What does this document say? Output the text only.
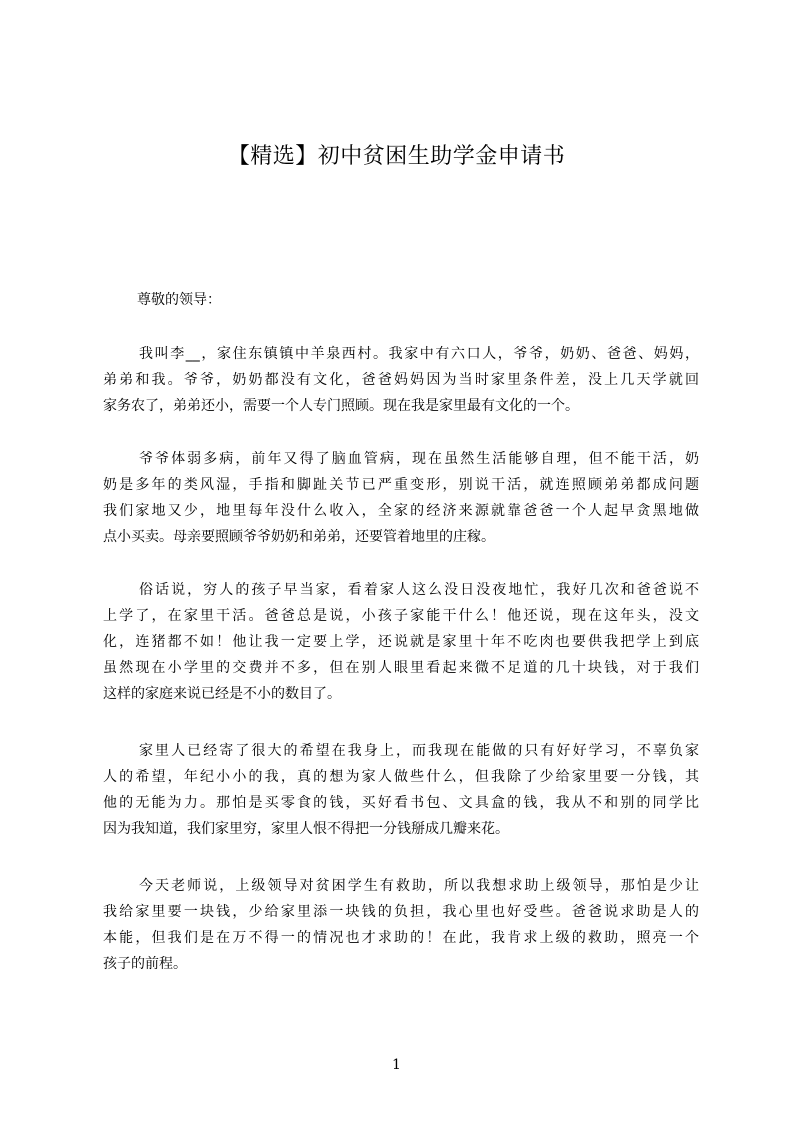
【精选】初中贫困生助学金申请书
尊敬的领导：
我叫李__，家住东镇镇中羊泉西村。我家中有六口人，爷爷，奶奶、爸爸、妈妈，
弟弟和我。爷爷，奶奶都没有文化，爸爸妈妈因为当时家里条件差，没上几天学就回
家务农了，弟弟还小，需要一个人专门照顾。现在我是家里最有文化的一个。
爷爷体弱多病，前年又得了脑血管病，现在虽然生活能够自理，但不能干活，奶
奶是多年的类风湿，手指和脚趾关节已严重变形，别说干活，就连照顾弟弟都成问题
我们家地又少，地里每年没什么收入，全家的经济来源就靠爸爸一个人起早贪黑地做
点小买卖。母亲要照顾爷爷奶奶和弟弟，还要管着地里的庄稼。
俗话说，穷人的孩子早当家，看着家人这么没日没夜地忙，我好几次和爸爸说不
上学了，在家里干活。爸爸总是说，小孩子家能干什么！他还说，现在这年头，没文
化，连猪都不如！他让我一定要上学，还说就是家里十年不吃肉也要供我把学上到底
虽然现在小学里的交费并不多，但在别人眼里看起来微不足道的几十块钱，对于我们
这样的家庭来说已经是不小的数目了。
家里人已经寄了很大的希望在我身上，而我现在能做的只有好好学习，不辜负家
人的希望，年纪小小的我，真的想为家人做些什么，但我除了少给家里要一分钱，其
他的无能为力。那怕是买零食的钱，买好看书包、文具盒的钱，我从不和别的同学比
因为我知道，我们家里穷，家里人恨不得把一分钱掰成几瓣来花。
今天老师说，上级领导对贫困学生有救助，所以我想求助上级领导，那怕是少让
我给家里要一块钱，少给家里添一块钱的负担，我心里也好受些。爸爸说求助是人的
本能，但我们是在万不得一的情况也才求助的！在此，我肯求上级的救助，照亮一个
孩子的前程。
1
